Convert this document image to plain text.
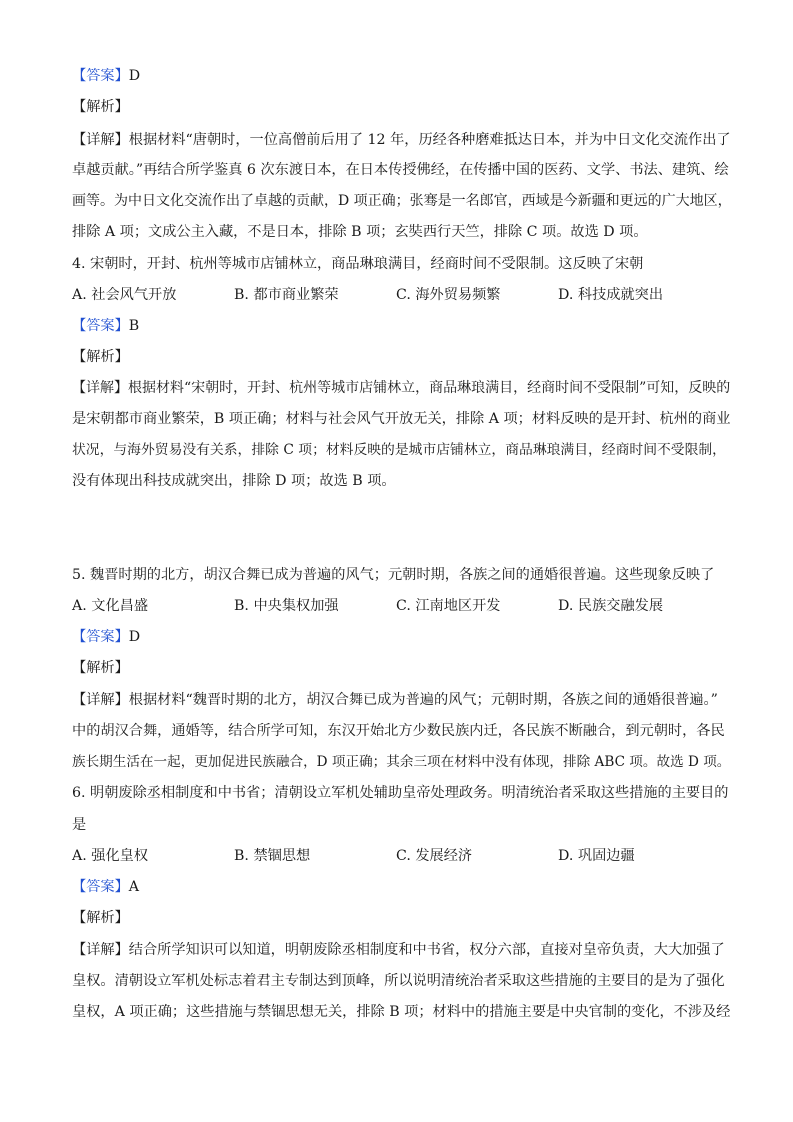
【答案】D
【解析】
【详解】根据材料“唐朝时，一位高僧前后用了 12 年，历经各种磨难抵达日本，并为中日文化交流作出了
卓越贡献。”再结合所学鉴真 6 次东渡日本，在日本传授佛经，在传播中国的医药、文学、书法、建筑、绘
画等。为中日文化交流作出了卓越的贡献，D 项正确；张骞是一名郎官，西域是今新疆和更远的广大地区，
排除 A 项；文成公主入藏，不是日本，排除 B 项；玄奘西行天竺，排除 C 项。故选 D 项。
4. 宋朝时，开封、杭州等城市店铺林立，商品琳琅满目，经商时间不受限制。这反映了宋朝
A. 社会风气开放	B. 都市商业繁荣	C. 海外贸易频繁	D. 科技成就突出
【答案】B
【解析】
【详解】根据材料“宋朝时，开封、杭州等城市店铺林立，商品琳琅满目，经商时间不受限制”可知，反映的
是宋朝都市商业繁荣，B 项正确；材料与社会风气开放无关，排除 A 项；材料反映的是开封、杭州的商业
状况，与海外贸易没有关系，排除 C 项；材料反映的是城市店铺林立，商品琳琅满目，经商时间不受限制，
没有体现出科技成就突出，排除 D 项；故选 B 项。
5. 魏晋时期的北方，胡汉合舞已成为普遍的风气；元朝时期，各族之间的通婚很普遍。这些现象反映了
A. 文化昌盛	B. 中央集权加强	C. 江南地区开发	D. 民族交融发展
【答案】D
【解析】
【详解】根据材料“魏晋时期的北方，胡汉合舞已成为普遍的风气；元朝时期，各族之间的通婚很普遍。”
中的胡汉合舞，通婚等，结合所学可知，东汉开始北方少数民族内迁，各民族不断融合，到元朝时，各民
族长期生活在一起，更加促进民族融合，D 项正确；其余三项在材料中没有体现，排除 ABC 项。故选 D 项。
6. 明朝废除丞相制度和中书省；清朝设立军机处辅助皇帝处理政务。明清统治者采取这些措施的主要目的
是
A. 强化皇权	B. 禁锢思想	C. 发展经济	D. 巩固边疆
【答案】A
【解析】
【详解】结合所学知识可以知道，明朝废除丞相制度和中书省，权分六部，直接对皇帝负责，大大加强了
皇权。清朝设立军机处标志着君主专制达到顶峰，所以说明清统治者采取这些措施的主要目的是为了强化
皇权，A 项正确；这些措施与禁锢思想无关，排除 B 项；材料中的措施主要是中央官制的变化，不涉及经
